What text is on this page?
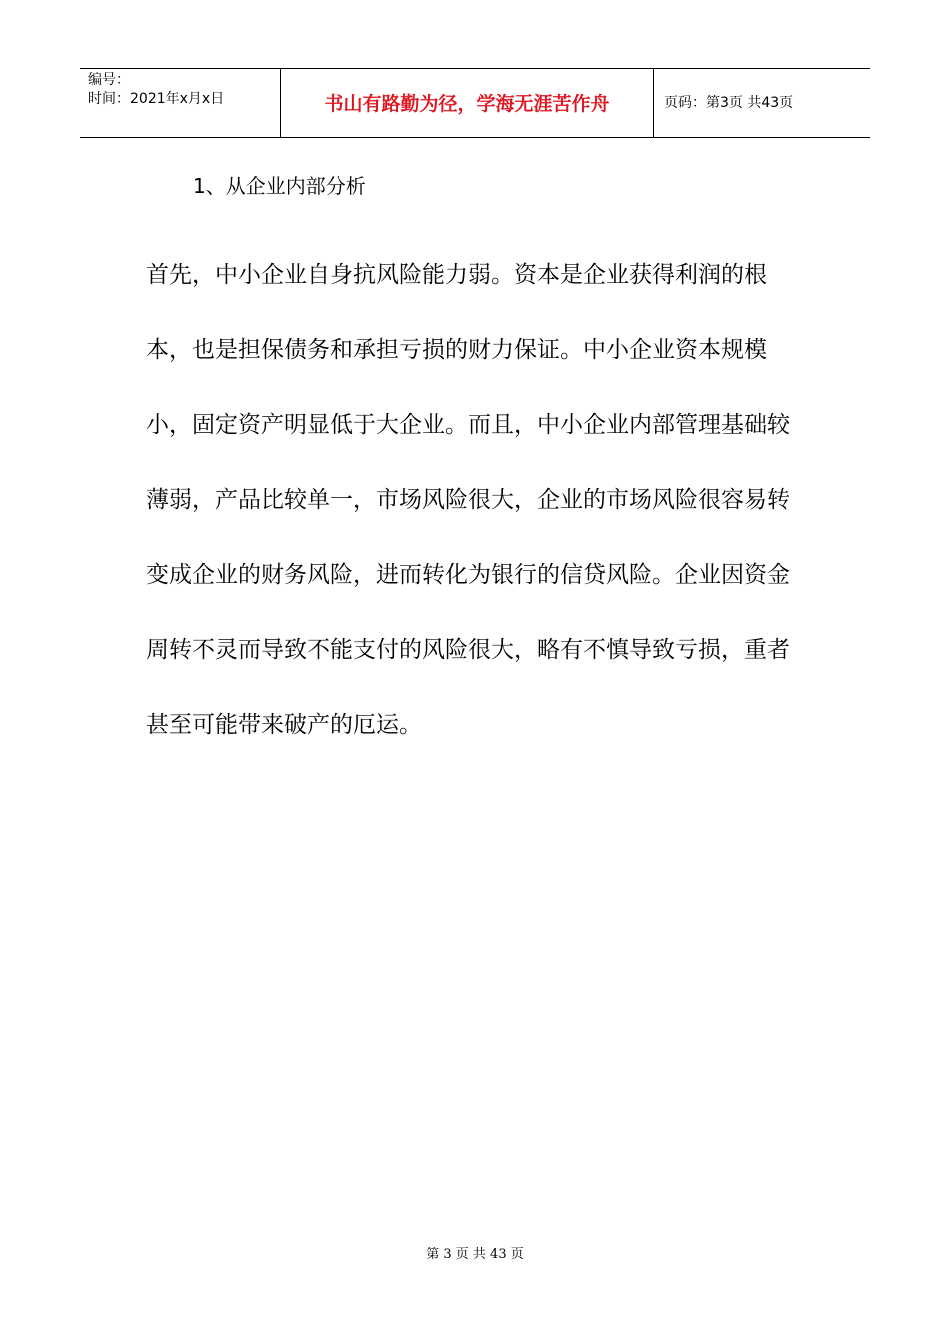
编号：
时间：2021年x月x日	书山有路勤为径，学海无涯苦作舟	页码：第3页 共43页
1、从企业内部分析

首先，中小企业自身抗风险能力弱。资本是企业获得利润的根本，也是担保债务和承担亏损的财力保证。中小企业资本规模小，固定资产明显低于大企业。而且，中小企业内部管理基础较薄弱，产品比较单一，市场风险很大，企业的市场风险很容易转变成企业的财务风险，进而转化为银行的信贷风险。企业因资金周转不灵而导致不能支付的风险很大，略有不慎导致亏损，重者甚至可能带来破产的厄运。

第 3 页 共 43 页
